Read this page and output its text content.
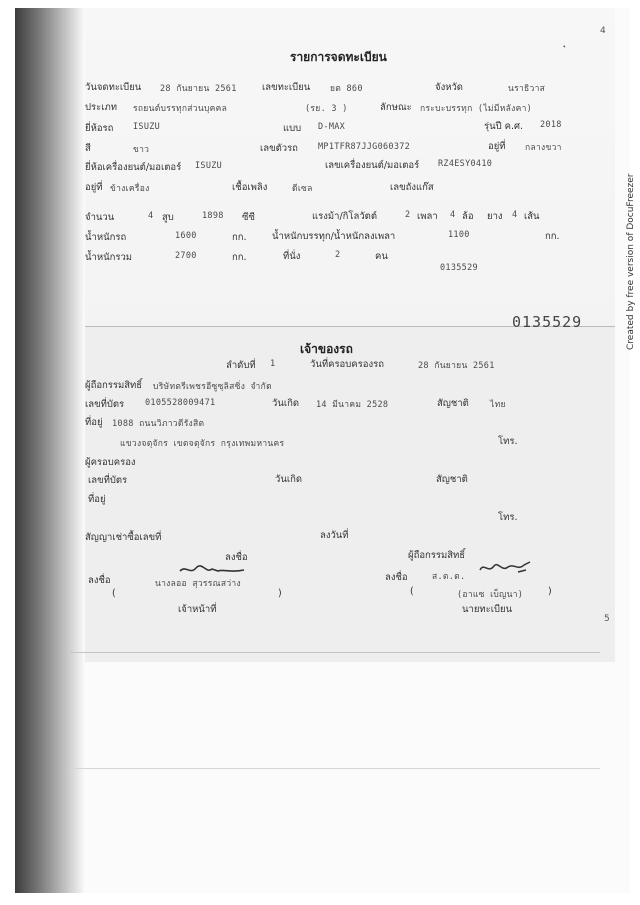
4
5
Created by free version of DocuFreezer
รายการจดทะเบียน
วันจดทะเบียน 28 กันยายน 2561	เลขทะเบียน ยต 860	จังหวัด	นราธิวาส
ประเภท รถยนต์บรรทุกส่วนบุคคล	(รย. 3 )	ลักษณะ กระบะบรรทุก (ไม่มีหลังคา)
ยี่ห้อรถ ISUZU	แบบ D-MAX	รุ่นปี ค.ศ. 2018
สี	ขาว	เลขตัวรถ MP1TFR87JJG060372	อยู่ที่ กลางขวา
ยี่ห้อเครื่องยนต์/มอเตอร์ ISUZU	เลขเครื่องยนต์/มอเตอร์ RZ4ESY0410
อยู่ที่ ข้างเครื่อง	เชื้อเพลิง	ดีเซล	เลขถังแก๊ส
จำนวน	4 สูบ	1898 ซีซี	แรงม้า/กิโลวัตต์	2 เพลา 4 ล้อ ยาง 4 เส้น
น้ำหนักรถ	1600	กก.	น้ำหนักบรรทุก/น้ำหนักลงเพลา	1100	กก.
น้ำหนักรวม	2700	กก.	ที่นั่ง	2	คน
0135529
0135529
เจ้าของรถ
ลำดับที่ 1	วันที่ครอบครองรถ	28 กันยายน 2561
ผู้ถือกรรมสิทธิ์ บริษัทตรีเพชรอีซูซุลิสซิ่ง จำกัด
เลขที่บัตร 0105528009471	วันเกิด 14 มีนาคม 2528	สัญชาติ ไทย
ที่อยู่ 1088 ถนนวิภาวดีรังสิต
แขวงจตุจักร เขตจตุจักร กรุงเทพมหานคร	โทร.
ผู้ครอบครอง
เลขที่บัตร	วันเกิด	สัญชาติ
ที่อยู่
โทร.
สัญญาเช่าซื้อเลขที่	ลงวันที่
ลงชื่อ	ผู้ถือกรรมสิทธิ์
ลงชื่อ	นางลออ สุวรรณสว่าง
(	)
เจ้าหน้าที่
ลงชื่อ	ส.ต.ต.
(	(อาแซ เบ็ญนา)	)
นายทะเบียน
